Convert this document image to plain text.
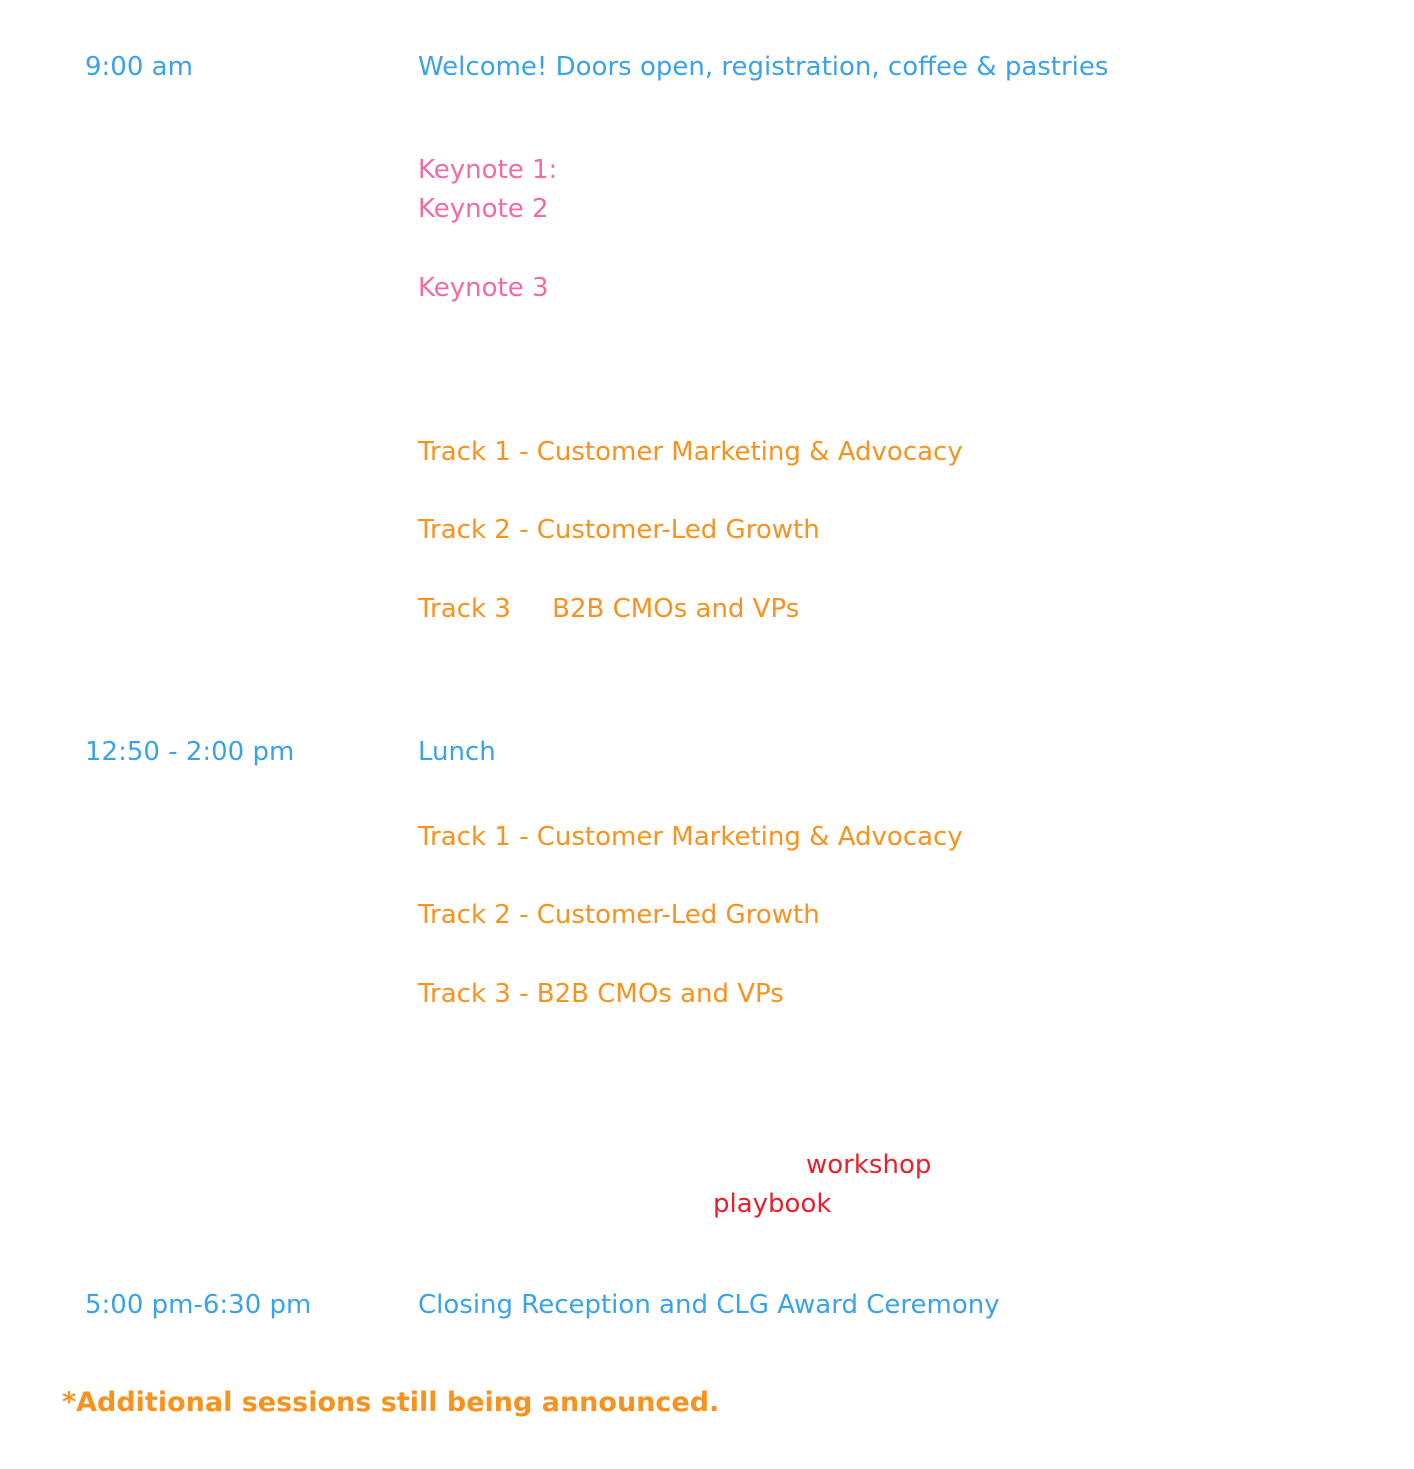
9:00 am	Welcome! Doors open, registration, coffee & pastries

Keynote 1:

Keynote 2

Keynote 3

Track 1 - Customer Marketing & Advocacy

Track 2 - Customer-Led Growth

Track 3     B2B CMOs and VPs

12:50 - 2:00 pm	Lunch

Track 1 - Customer Marketing & Advocacy

Track 2 - Customer-Led Growth

Track 3 - B2B CMOs and VPs

workshop

playbook

5:00 pm-6:30 pm	Closing Reception and CLG Award Ceremony

*Additional sessions still being announced.
